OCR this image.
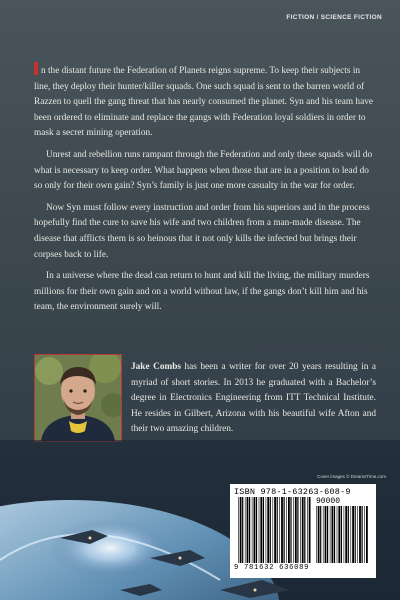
FICTION / SCIENCE FICTION

n the distant future the Federation of Planets reigns supreme. To keep their subjects in line, they deploy their hunter/killer squads. One such squad is sent to the barren world of Razzen to quell the gang threat that has nearly consumed the planet. Syn and his team have been ordered to eliminate and replace the gangs with Federation loyal soldiers in order to mask a secret mining operation.

Unrest and rebellion runs rampant through the Federation and only these squads will do what is necessary to keep order. What happens when those that are in a position to lead do so only for their own gain? Syn’s family is just one more casualty in the war for order.

Now Syn must follow every instruction and order from his superiors and in the process hopefully find the cure to save his wife and two children from a man-made disease. The disease that afflicts them is so heinous that it not only kills the infected but brings their corpses back to life.

In a universe where the dead can return to hunt and kill the living, the military murders millions for their own gain and on a world without law, if the gangs don’t kill him and his team, the environment surely will.

Jake Combs has been a writer for over 20 years resulting in a myriad of short stories. In 2013 he graduated with a Bachelor’s degree in Electronics Engineering from ITT Technical Institute. He resides in Gilbert, Arizona with his beautiful wife Afton and their two amazing children.
Cover images © DreamsTime.com
ISBN 978-1-63263-608-9
90000
9 781632 636089
